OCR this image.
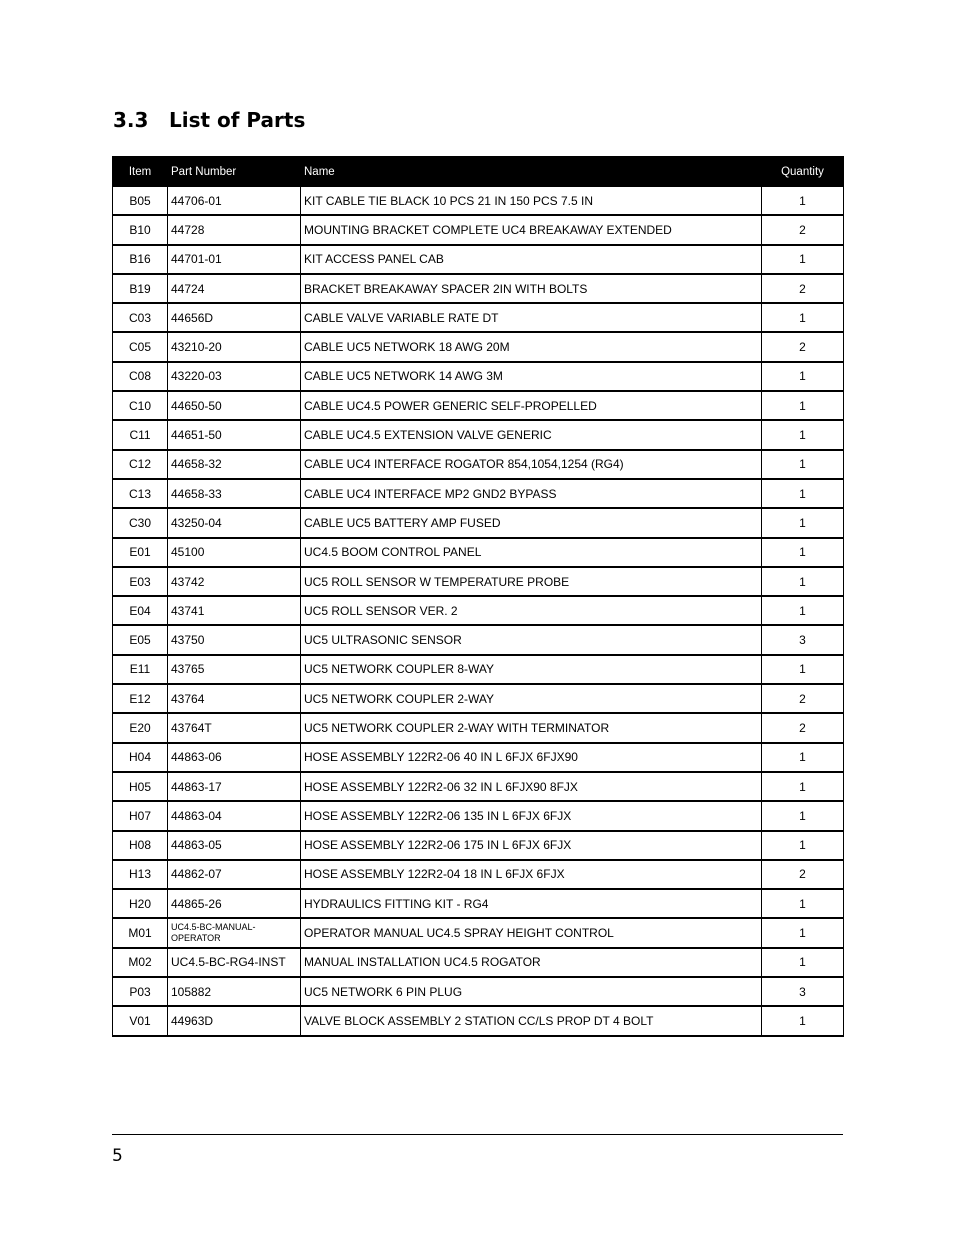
3.3 List of Parts
Item	Part Number	Name	Quantity
B05	44706-01	KIT CABLE TIE BLACK 10 PCS 21 IN 150 PCS 7.5 IN	1
B10	44728	MOUNTING BRACKET COMPLETE UC4 BREAKAWAY EXTENDED	2
B16	44701-01	KIT ACCESS PANEL CAB	1
B19	44724	BRACKET BREAKAWAY SPACER 2IN WITH BOLTS	2
C03	44656D	CABLE VALVE VARIABLE RATE DT	1
C05	43210-20	CABLE UC5 NETWORK 18 AWG 20M	2
C08	43220-03	CABLE UC5 NETWORK 14 AWG 3M	1
C10	44650-50	CABLE UC4.5 POWER GENERIC SELF-PROPELLED	1
C11	44651-50	CABLE UC4.5 EXTENSION VALVE GENERIC	1
C12	44658-32	CABLE UC4 INTERFACE ROGATOR 854,1054,1254 (RG4)	1
C13	44658-33	CABLE UC4 INTERFACE MP2 GND2 BYPASS	1
C30	43250-04	CABLE UC5 BATTERY AMP FUSED	1
E01	45100	UC4.5 BOOM CONTROL PANEL	1
E03	43742	UC5 ROLL SENSOR W TEMPERATURE PROBE	1
E04	43741	UC5 ROLL SENSOR VER. 2	1
E05	43750	UC5 ULTRASONIC SENSOR	3
E11	43765	UC5 NETWORK COUPLER 8-WAY	1
E12	43764	UC5 NETWORK COUPLER 2-WAY	2
E20	43764T	UC5 NETWORK COUPLER 2-WAY WITH TERMINATOR	2
H04	44863-06	HOSE ASSEMBLY 122R2-06 40 IN L 6FJX 6FJX90	1
H05	44863-17	HOSE ASSEMBLY 122R2-06 32 IN L 6FJX90 8FJX	1
H07	44863-04	HOSE ASSEMBLY 122R2-06 135 IN L 6FJX 6FJX	1
H08	44863-05	HOSE ASSEMBLY 122R2-06 175 IN L 6FJX 6FJX	1
H13	44862-07	HOSE ASSEMBLY 122R2-04 18 IN L 6FJX 6FJX	2
H20	44865-26	HYDRAULICS FITTING KIT - RG4	1
M01	UC4.5-BC-MANUAL-OPERATOR	OPERATOR MANUAL UC4.5 SPRAY HEIGHT CONTROL	1
M02	UC4.5-BC-RG4-INST	MANUAL INSTALLATION UC4.5 ROGATOR	1
P03	105882	UC5 NETWORK 6 PIN PLUG	3
V01	44963D	VALVE BLOCK ASSEMBLY 2 STATION CC/LS PROP DT 4 BOLT	1
5
